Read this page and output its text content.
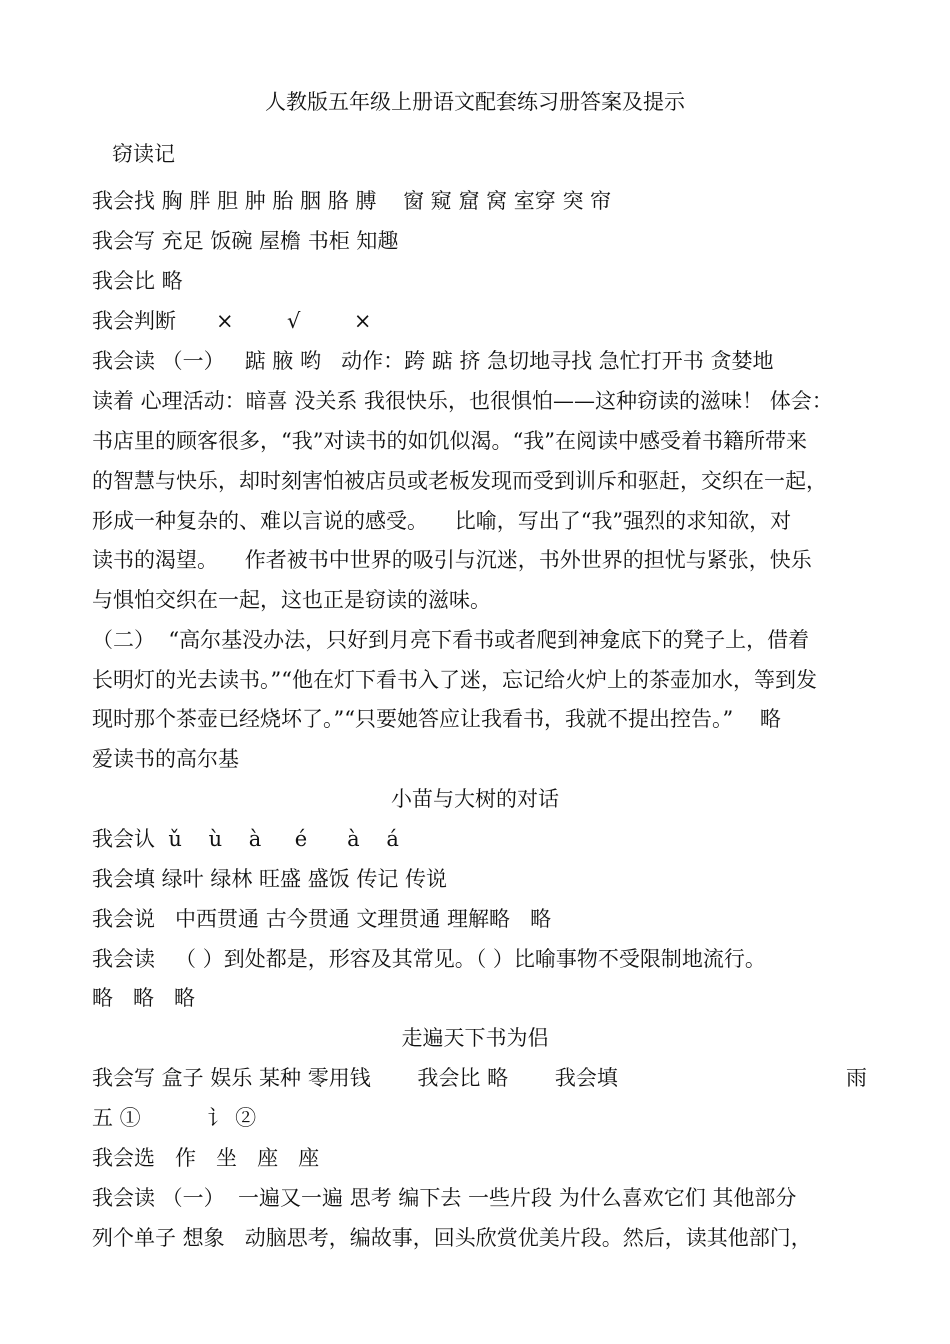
人教版五年级上册语文配套练习册答案及提示
窃读记
我会找 胸 胖 胆 肿 胎 胭 胳 膊    窗 窥 窟 窝 室穿 突 帘
我会写 充足 饭碗 屋檐 书柜 知趣
我会比 略
我会判断      ×        √        ×
我会读 （一）   踮 腋 哟   动作：跨 踮 挤 急切地寻找 急忙打开书 贪婪地
读着 心理活动：暗喜 没关系 我很快乐，也很惧怕——这种窃读的滋味！ 体会：
书店里的顾客很多，“我”对读书的如饥似渴。“我”在阅读中感受着书籍所带来
的智慧与快乐，却时刻害怕被店员或老板发现而受到训斥和驱赶，交织在一起，
形成一种复杂的、难以言说的感受。    比喻，写出了“我”强烈的求知欲，对
读书的渴望。    作者被书中世界的吸引与沉迷，书外世界的担忧与紧张，快乐
与惧怕交织在一起，这也正是窃读的滋味。
（二）  “高尔基没办法，只好到月亮下看书或者爬到神龛底下的凳子上，借着
长明灯的光去读书。”“他在灯下看书入了迷，忘记给火炉上的茶壶加水，等到发
现时那个茶壶已经烧坏了。”“只要她答应让我看书，我就不提出控告。”    略
爱读书的高尔基
小苗与大树的对话
我会认  ǔ    ù    à     é      à    á
我会填 绿叶 绿林 旺盛 盛饭 传记 传说
我会说   中西贯通 古今贯通 文理贯通 理解略   略
我会读   （ ）到处都是，形容及其常见。（ ）比喻事物不受限制地流行。
略   略   略
走遍天下书为侣
我会写 盒子 娱乐 某种 零用钱       我会比 略       我会填	雨
五 ①          讠 ②
我会选   作   坐   座   座
我会读 （一）  一遍又一遍 思考 编下去 一些片段 为什么喜欢它们 其他部分
列个单子 想象   动脑思考，编故事，回头欣赏优美片段。然后，读其他部门，
